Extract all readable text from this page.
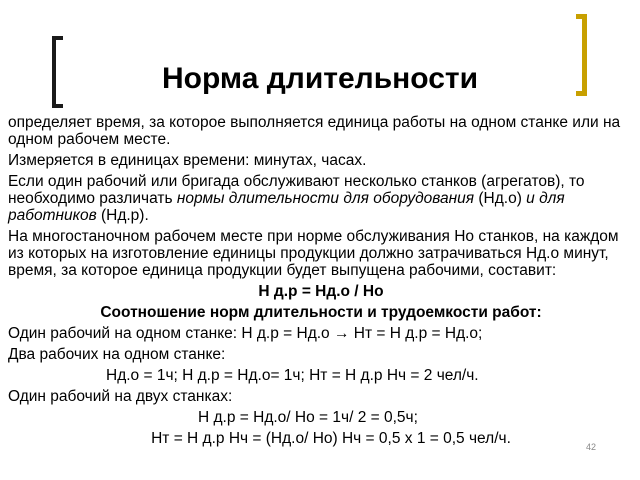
Норма длительности

определяет время, за которое выполняется единица работы на одном станке или на одном рабочем месте.

Измеряется в единицах времени: минутах, часах.

Если один рабочий или бригада обслуживают несколько станков (агрегатов), то необходимо различать нормы длительности для оборудования (Нд.о) и для работников (Нд.р).

На многостаночном рабочем месте при норме обслуживания Но станков, на каждом из которых на изготовление единицы продукции должно затрачиваться Нд.о минут, время, за которое единица продукции будет выпущена рабочими, составит:

Н д.р = Нд.о / Но

Соотношение норм длительности и трудоемкости работ:

Один рабочий на одном станке: Н д.р = Нд.о → Нт = Н д.р = Нд.о;

Два рабочих на одном станке:

Нд.о = 1ч; Н д.р = Нд.о= 1ч; Нт = Н д.р Нч = 2 чел/ч.

Один рабочий на двух станках:

Н д.р = Нд.о/ Но = 1ч/ 2 = 0,5ч;

Нт = Н д.р Нч = (Нд.о/ Но) Нч = 0,5 х 1 = 0,5 чел/ч.	42
